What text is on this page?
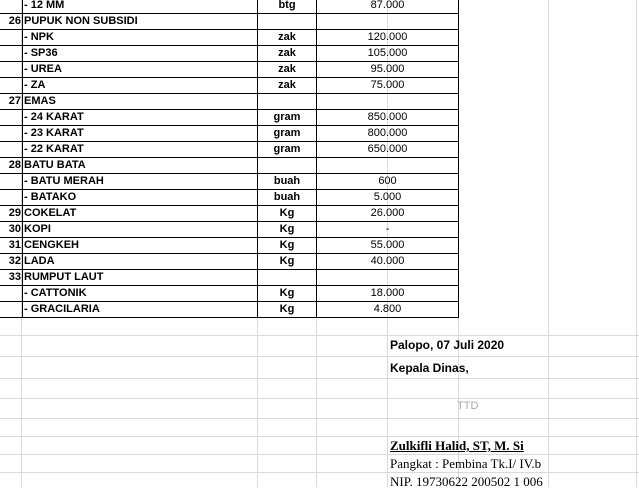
- 12 MM	btg	87.000
26 PUPUK NON SUBSIDI
- NPK	zak	120.000
- SP36	zak	105.000
- UREA	zak	95.000
- ZA	zak	75.000
27 EMAS
- 24 KARAT	gram	850.000
- 23 KARAT	gram	800.000
- 22 KARAT	gram	650.000
28 BATU BATA
- BATU MERAH	buah	600
- BATAKO	buah	5.000
29 COKELAT	Kg	26.000
30 KOPI	Kg	-
31 CENGKEH	Kg	55.000
32 LADA	Kg	40.000
33 RUMPUT LAUT
- CATTONIK	Kg	18.000
- GRACILARIA	Kg	4.800
Palopo, 07 Juli 2020
Kepala Dinas,
TTD
Zulkifli Halid, ST, M. Si
Pangkat : Pembina Tk.I/ IV.b
NIP. 19730622 200502 1 006
